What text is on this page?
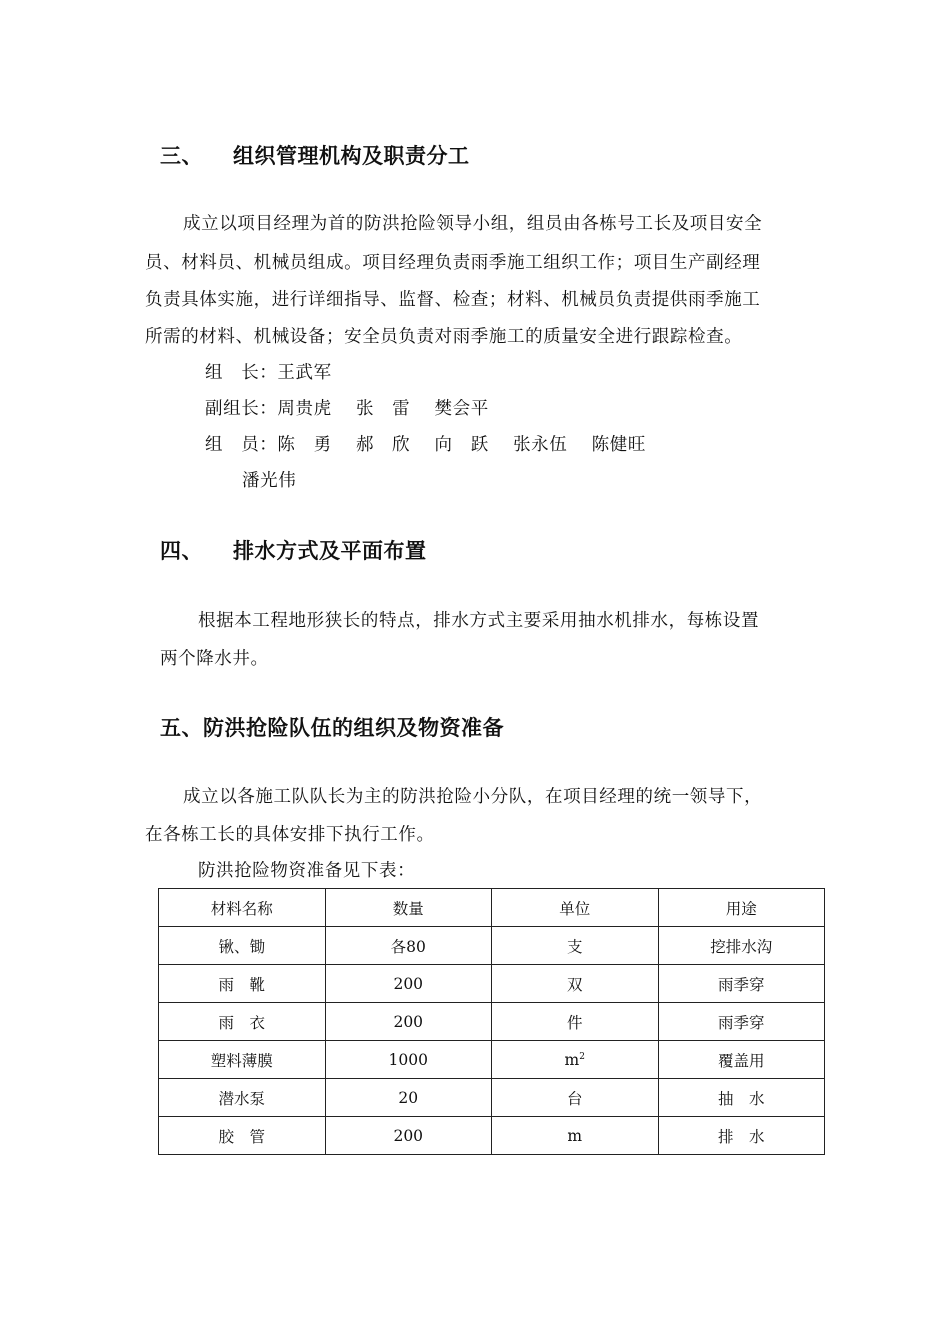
三、 组织管理机构及职责分工
成立以项目经理为首的防洪抢险领导小组，组员由各栋号工长及项目安全
员、材料员、机械员组成。项目经理负责雨季施工组织工作；项目生产副经理
负责具体实施，进行详细指导、监督、检查；材料、机械员负责提供雨季施工
所需的材料、机械设备；安全员负责对雨季施工的质量安全进行跟踪检查。
组　长：王武军
副组长：周贵虎　 张　雷　 樊会平
组　员：陈　勇　 郝　欣　 向　跃　 张永伍　 陈健旺
潘光伟
四、 排水方式及平面布置
根据本工程地形狭长的特点，排水方式主要采用抽水机排水，每栋设置
两个降水井。
五、防洪抢险队伍的组织及物资准备
成立以各施工队队长为主的防洪抢险小分队，在项目经理的统一领导下，
在各栋工长的具体安排下执行工作。
防洪抢险物资准备见下表：
材料名称	数量	单位	用途
锹、锄	各80	支	挖排水沟
雨　靴	200	双	雨季穿
雨　衣	200	件	雨季穿
塑料薄膜	1000	$m^2$	覆盖用
潜水泵	20	台	抽　水
胶　管	200	m	排　水
